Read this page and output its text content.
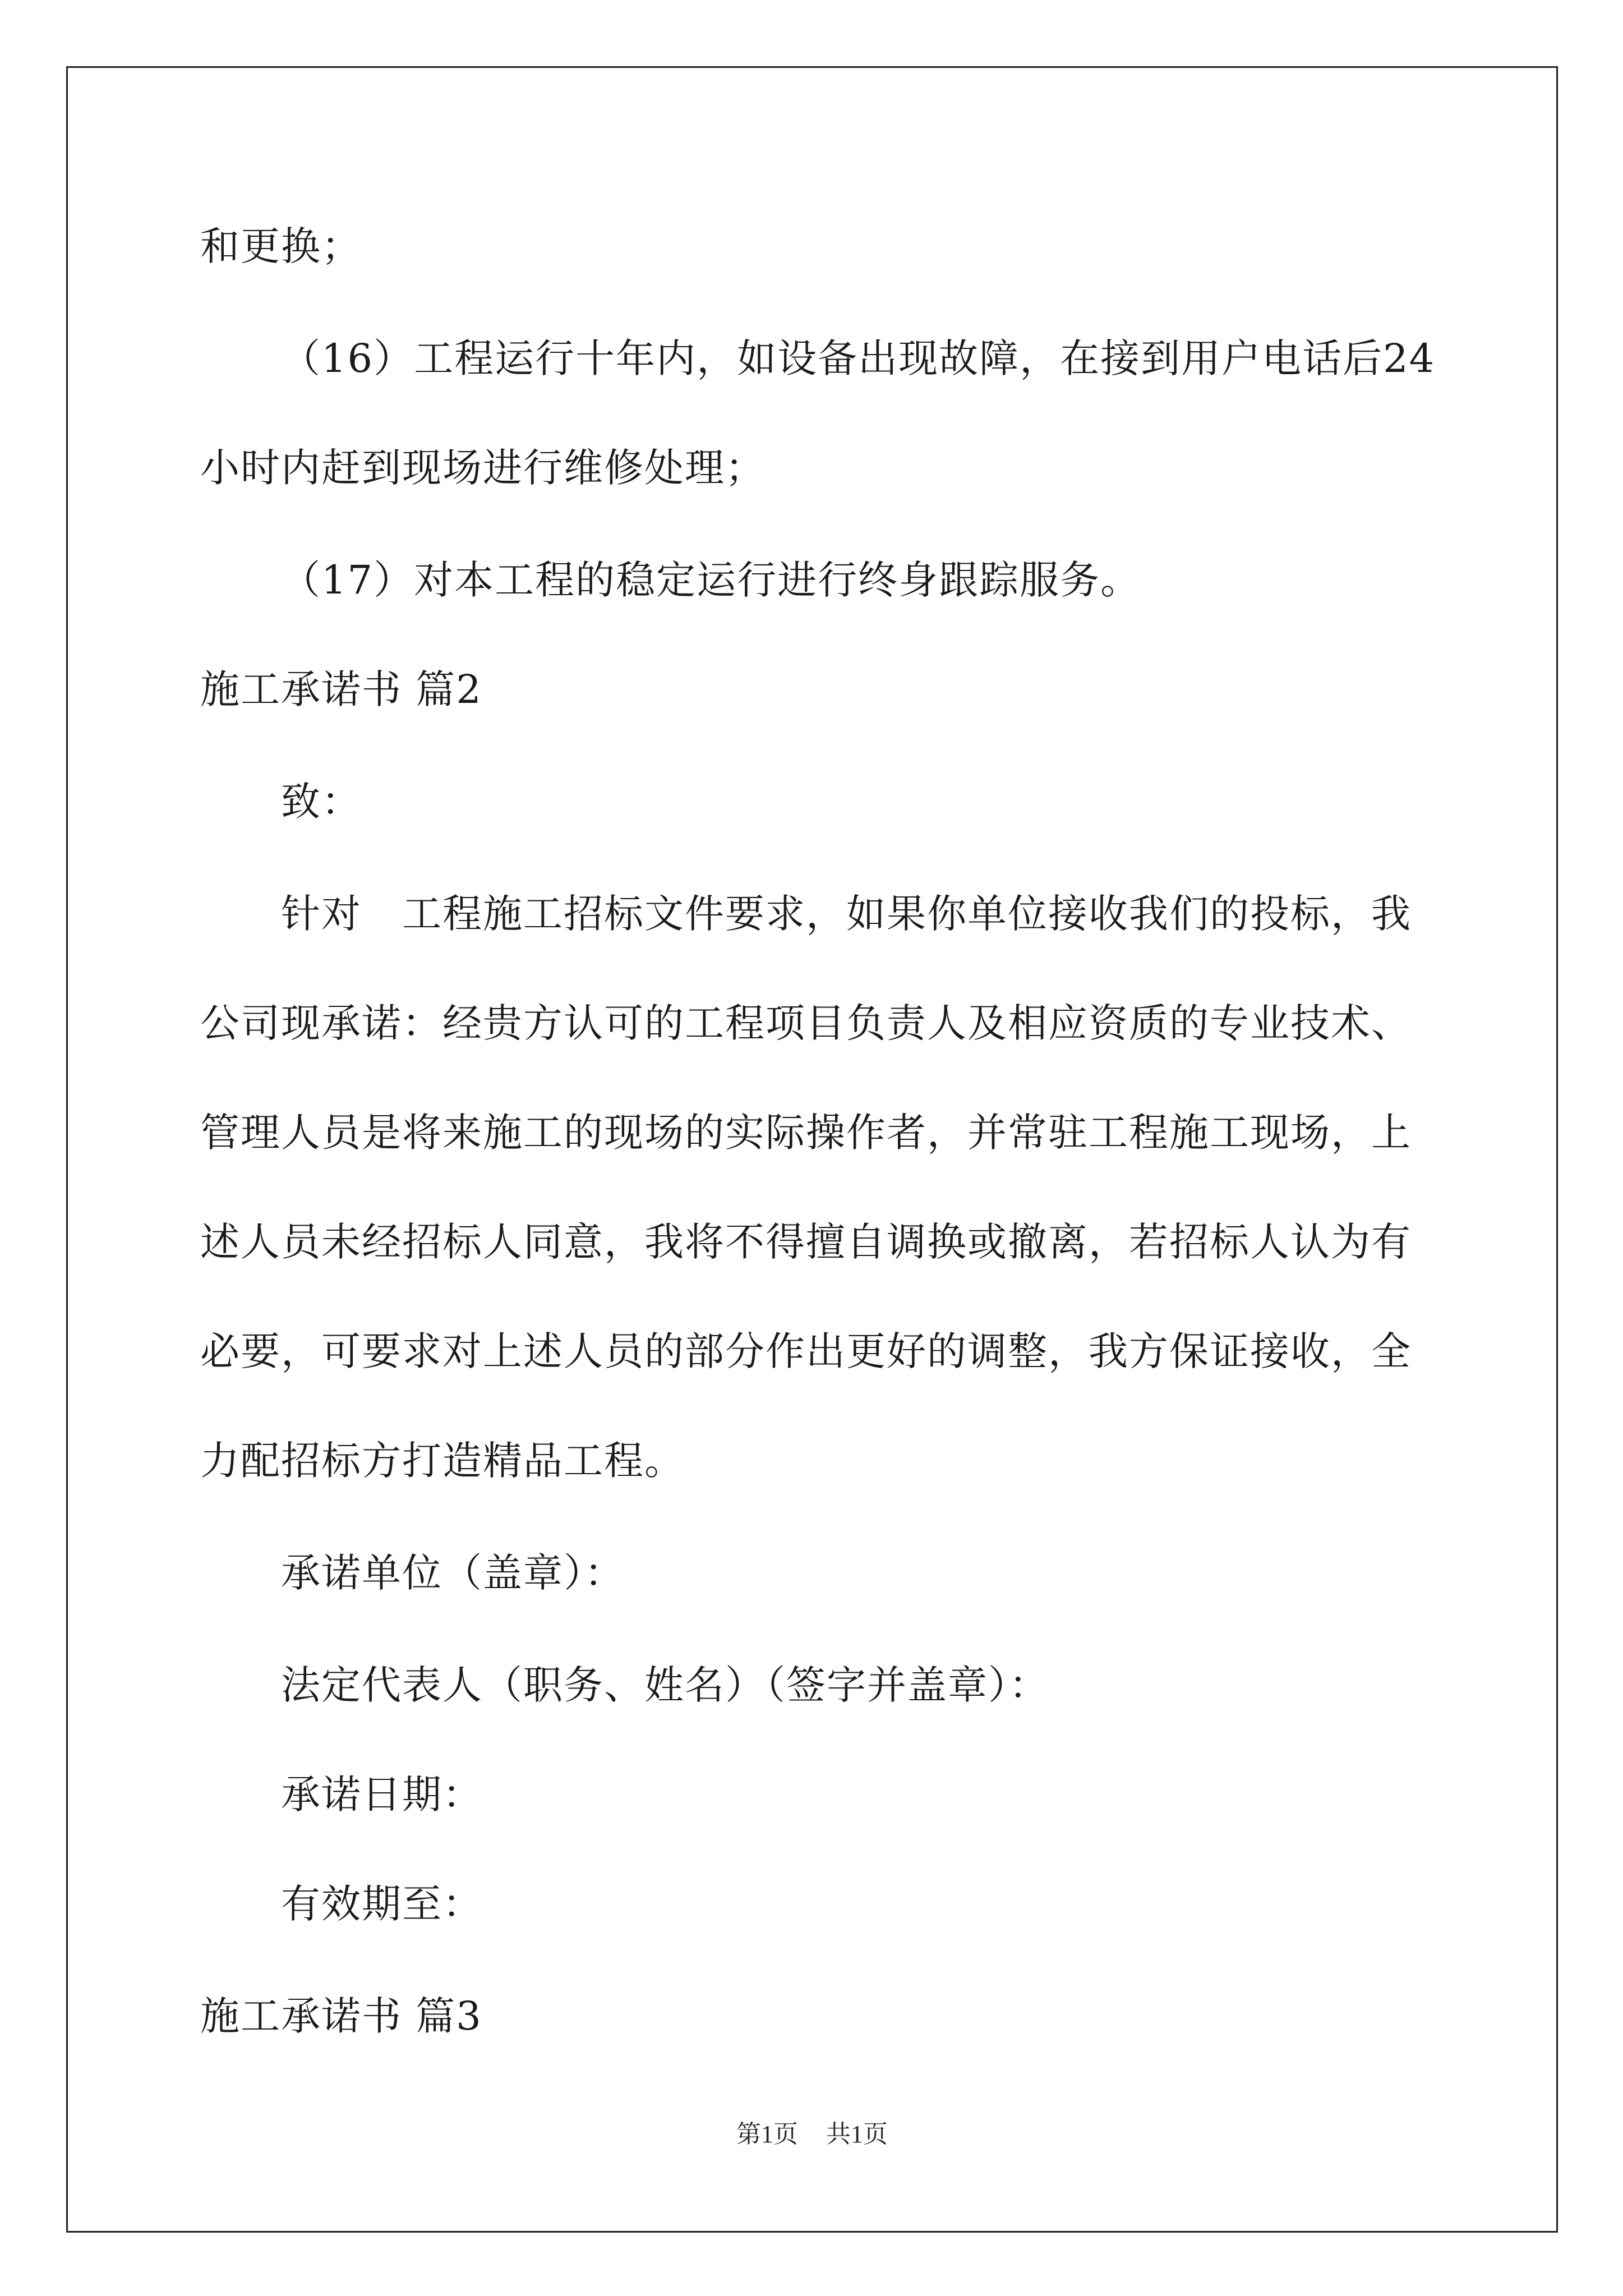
和更换；
（16）工程运行十年内，如设备出现故障，在接到用户电话后24
小时内赶到现场进行维修处理；
（17）对本工程的稳定运行进行终身跟踪服务。
施工承诺书 篇2
致：
针对　工程施工招标文件要求，如果你单位接收我们的投标，我
公司现承诺：经贵方认可的工程项目负责人及相应资质的专业技术、
管理人员是将来施工的现场的实际操作者，并常驻工程施工现场，上
述人员未经招标人同意，我将不得擅自调换或撤离，若招标人认为有
必要，可要求对上述人员的部分作出更好的调整，我方保证接收，全
力配招标方打造精品工程。
承诺单位（盖章）：
法定代表人（职务、姓名）（签字并盖章）：
承诺日期：
有效期至：
施工承诺书 篇3
第1页 共1页
